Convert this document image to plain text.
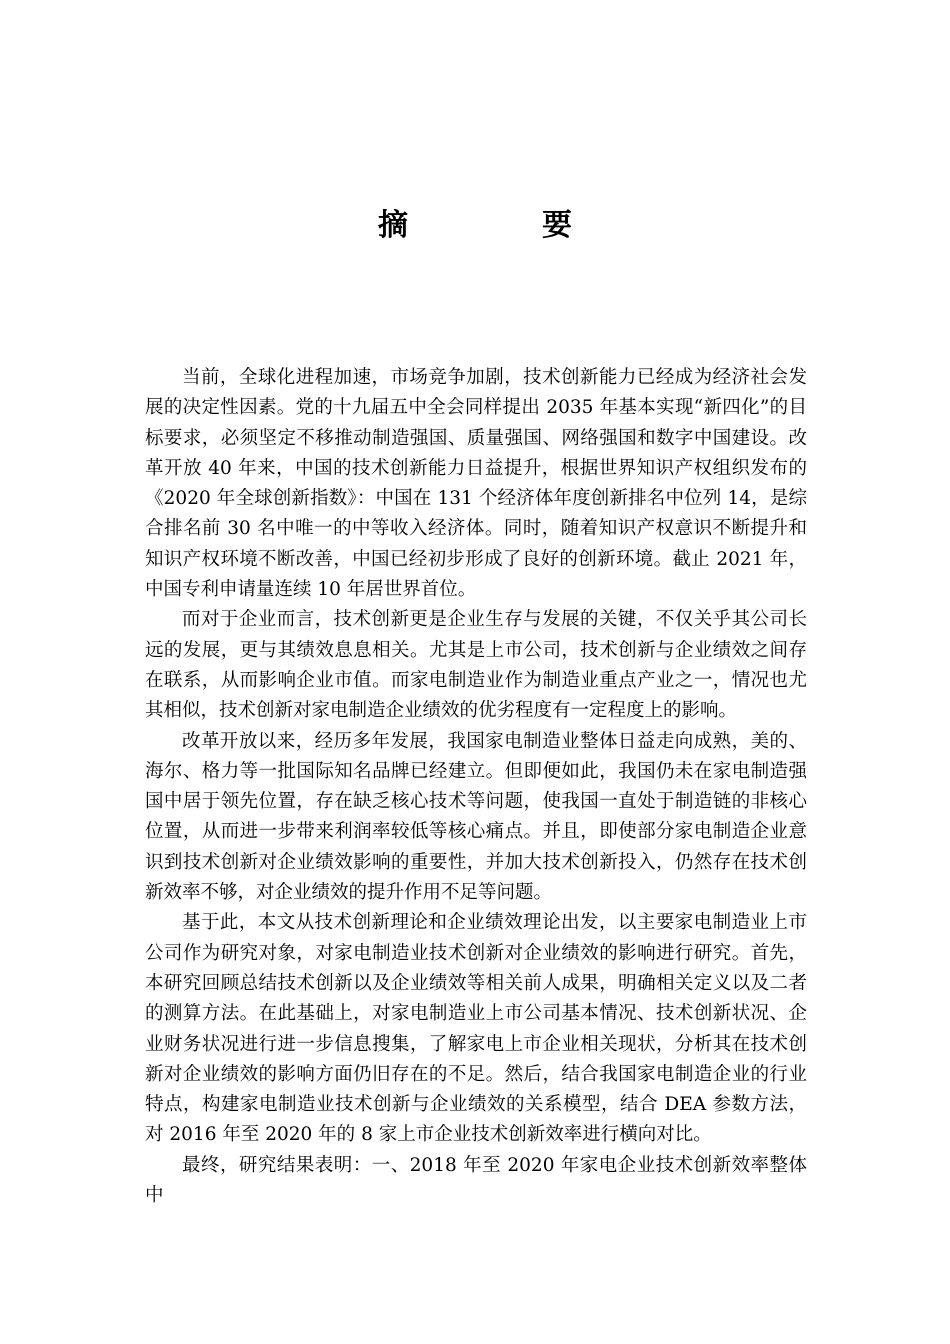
摘　要

当前，全球化进程加速，市场竞争加剧，技术创新能力已经成为经济社会发展的决定性因素。党的十九届五中全会同样提出 2035 年基本实现“新四化”的目标要求，必须坚定不移推动制造强国、质量强国、网络强国和数字中国建设。改革开放 40 年来，中国的技术创新能力日益提升，根据世界知识产权组织发布的《2020 年全球创新指数》：中国在 131 个经济体年度创新排名中位列 14，是综合排名前 30 名中唯一的中等收入经济体。同时，随着知识产权意识不断提升和知识产权环境不断改善，中国已经初步形成了良好的创新环境。截止 2021 年，中国专利申请量连续 10 年居世界首位。

而对于企业而言，技术创新更是企业生存与发展的关键，不仅关乎其公司长远的发展，更与其绩效息息相关。尤其是上市公司，技术创新与企业绩效之间存在联系，从而影响企业市值。而家电制造业作为制造业重点产业之一，情况也尤其相似，技术创新对家电制造企业绩效的优劣程度有一定程度上的影响。

改革开放以来，经历多年发展，我国家电制造业整体日益走向成熟，美的、海尔、格力等一批国际知名品牌已经建立。但即便如此，我国仍未在家电制造强国中居于领先位置，存在缺乏核心技术等问题，使我国一直处于制造链的非核心位置，从而进一步带来利润率较低等核心痛点。并且，即使部分家电制造企业意识到技术创新对企业绩效影响的重要性，并加大技术创新投入，仍然存在技术创新效率不够，对企业绩效的提升作用不足等问题。

基于此，本文从技术创新理论和企业绩效理论出发，以主要家电制造业上市公司作为研究对象，对家电制造业技术创新对企业绩效的影响进行研究。首先，本研究回顾总结技术创新以及企业绩效等相关前人成果，明确相关定义以及二者的测算方法。在此基础上，对家电制造业上市公司基本情况、技术创新状况、企业财务状况进行进一步信息搜集，了解家电上市企业相关现状，分析其在技术创新对企业绩效的影响方面仍旧存在的不足。然后，结合我国家电制造企业的行业特点，构建家电制造业技术创新与企业绩效的关系模型，结合 DEA 参数方法，对 2016 年至 2020 年的 8 家上市企业技术创新效率进行横向对比。

最终，研究结果表明：一、2018 年至 2020 年家电企业技术创新效率整体中
